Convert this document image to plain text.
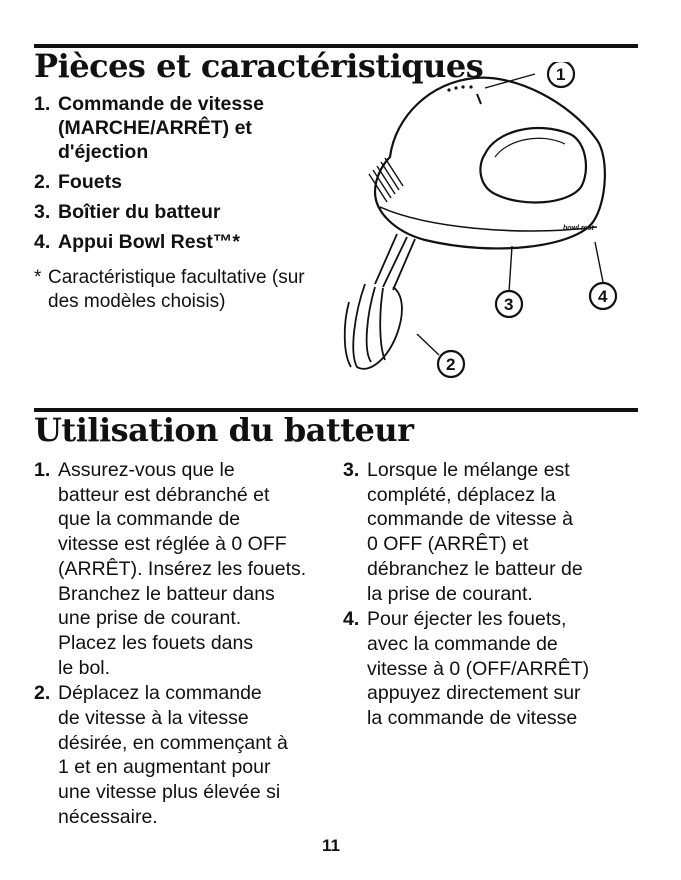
Pièces et caractéristiques
1. Commande de vitesse (MARCHE/ARRÊT) et d'éjection
2. Fouets
3. Boîtier du batteur
4. Appui Bowl Rest™*
* Caractéristique facultative (sur des modèles choisis)
bowl rest
1
2
3	4
Utilisation du batteur
1. Assurez-vous que le
batteur est débranché et
que la commande de
vitesse est réglée à 0 OFF
(ARRÊT). Insérez les fouets.
Branchez le batteur dans
une prise de courant.
Placez les fouets dans
le bol.
2. Déplacez la commande
de vitesse à la vitesse
désirée, en commençant à
1 et en augmentant pour
une vitesse plus élevée si
nécessaire.
3. Lorsque le mélange est
complété, déplacez la
commande de vitesse à
0 OFF (ARRÊT) et
débranchez le batteur de
la prise de courant.
4. Pour éjecter les fouets,
avec la commande de
vitesse à 0 (OFF/ARRÊT)
appuyez directement sur
la commande de vitesse
11
